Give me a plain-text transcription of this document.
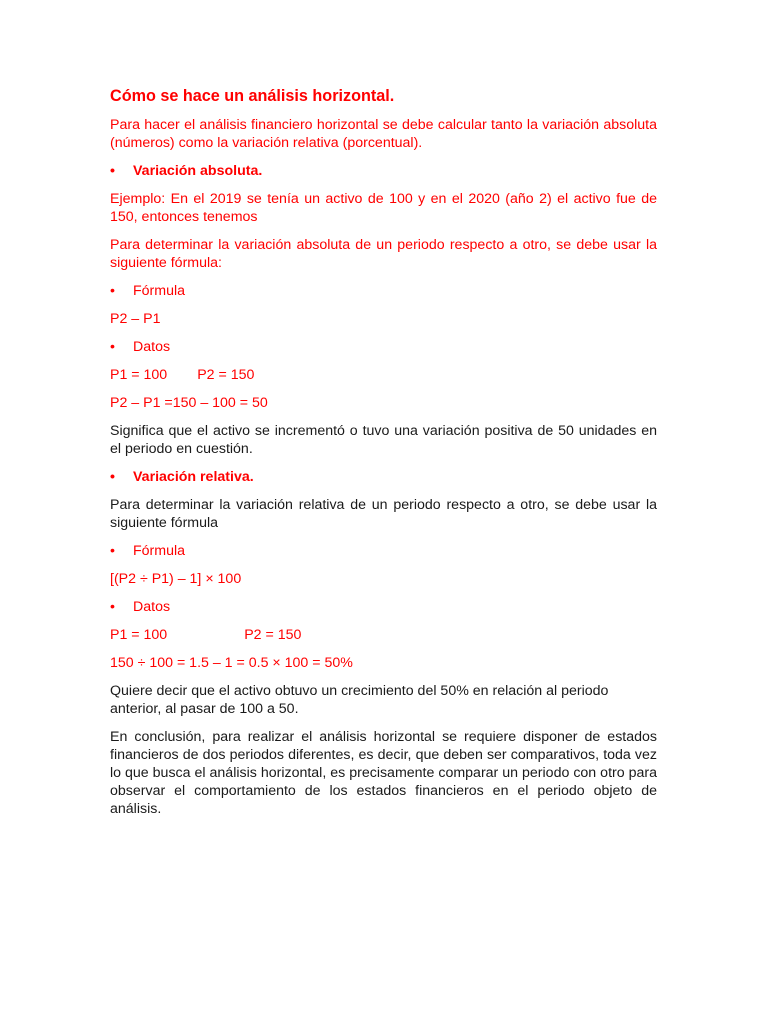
Cómo se hace un análisis horizontal.

Para hacer el análisis financiero horizontal se debe calcular tanto la variación absoluta (números) como la variación relativa (porcentual).

•	Variación absoluta.

Ejemplo: En el 2019 se tenía un activo de 100 y en el 2020 (año 2) el activo fue de 150, entonces tenemos

Para determinar la variación absoluta de un periodo respecto a otro, se debe usar la siguiente fórmula:

•	Fórmula

P2 – P1

•	Datos

P1 = 100 P2 = 150

P2 – P1 =150 – 100 = 50

Significa que el activo se incrementó o tuvo una variación positiva de 50 unidades en el periodo en cuestión.

•	Variación relativa.

Para determinar la variación relativa de un periodo respecto a otro, se debe usar la siguiente fórmula

•	Fórmula

[(P2 ÷ P1) – 1] × 100

•	Datos

P1 = 100	P2 = 150

150 ÷ 100 = 1.5 – 1 = 0.5 × 100 = 50%

Quiere decir que el activo obtuvo un crecimiento del 50% en relación al periodo anterior, al pasar de 100 a 50.

En conclusión, para realizar el análisis horizontal se requiere disponer de estados financieros de dos periodos diferentes, es decir, que deben ser comparativos, toda vez lo que busca el análisis horizontal, es precisamente comparar un periodo con otro para observar el comportamiento de los estados financieros en el periodo objeto de análisis.
